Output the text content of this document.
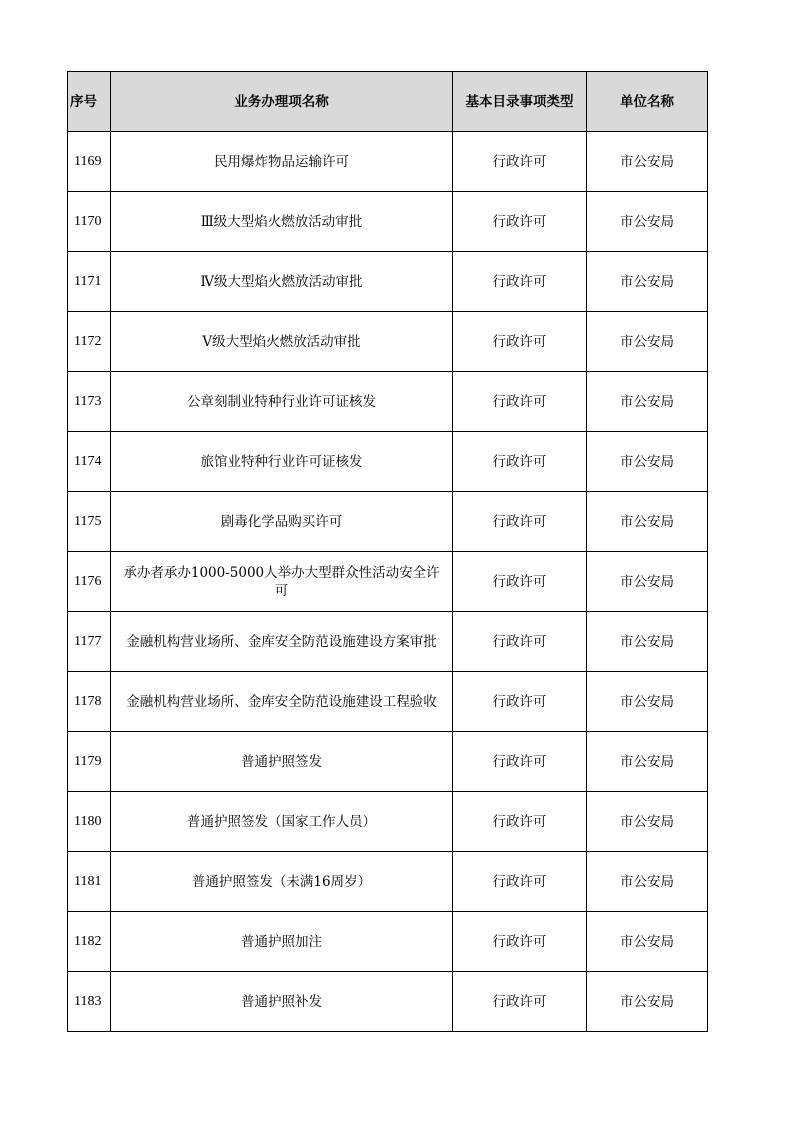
序号	业务办理项名称	基本目录事项类型	单位名称
1169	民用爆炸物品运输许可	行政许可	市公安局
1170	Ⅲ级大型焰火燃放活动审批	行政许可	市公安局
1171	Ⅳ级大型焰火燃放活动审批	行政许可	市公安局
1172	Ⅴ级大型焰火燃放活动审批	行政许可	市公安局
1173	公章刻制业特种行业许可证核发	行政许可	市公安局
1174	旅馆业特种行业许可证核发	行政许可	市公安局
1175	剧毒化学品购买许可	行政许可	市公安局
1176	承办者承办1000-5000人举办大型群众性活动安全许可	行政许可	市公安局
1177	金融机构营业场所、金库安全防范设施建设方案审批	行政许可	市公安局
1178	金融机构营业场所、金库安全防范设施建设工程验收	行政许可	市公安局
1179	普通护照签发	行政许可	市公安局
1180	普通护照签发（国家工作人员）	行政许可	市公安局
1181	普通护照签发（未满16周岁）	行政许可	市公安局
1182	普通护照加注	行政许可	市公安局
1183	普通护照补发	行政许可	市公安局
